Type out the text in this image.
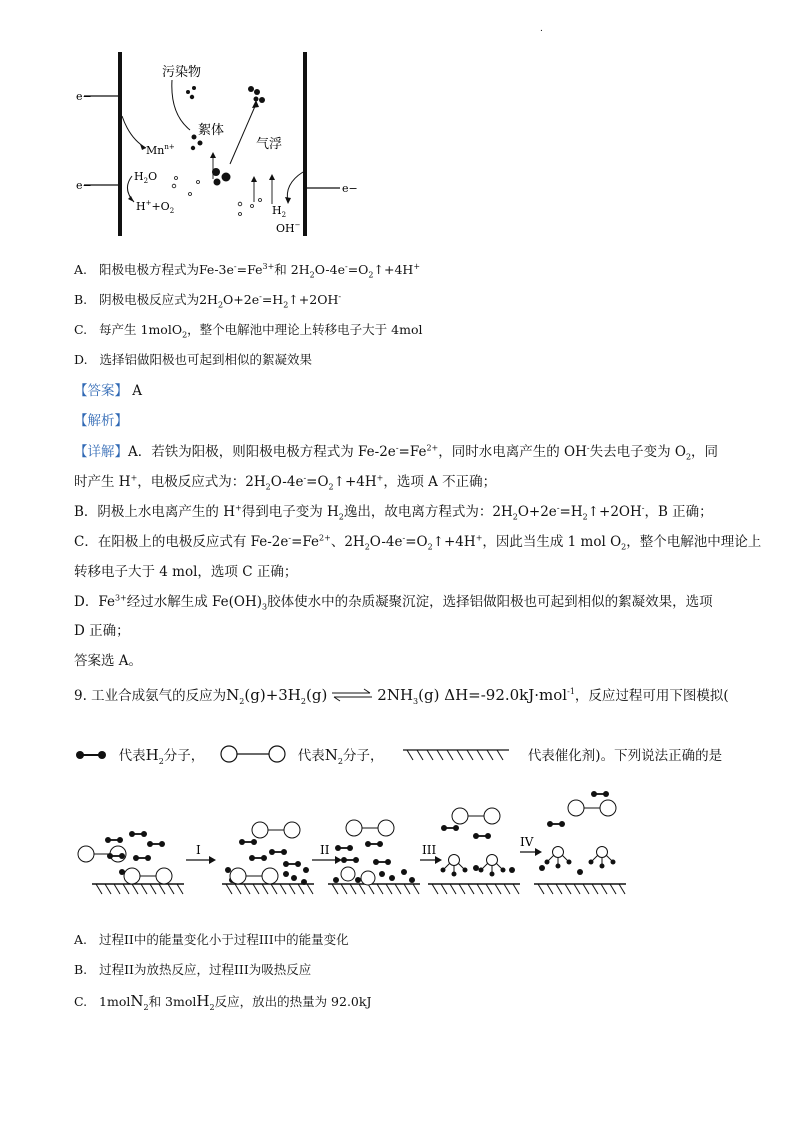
.
e−
e−	e−
$Mn^{n+}$
$H_2O$
$H^++O_2$
污染物
絮体
气浮
$H_2$
OH−
A. 阳极电极方程式为$Fe-3e^-=Fe^{3+}$和 $2H_2O-4e^-=O_2↑+4H^+$
B. 阴极电极反应式为$2H_2O+2e^-=H_2↑+2OH^-$
C. 每产生 1molO$_2$，整个电解池中理论上转移电子大于 4mol
D. 选择铝做阳极也可起到相似的絮凝效果
【答案】 A
【解析】
【详解】A．若铁为阳极，则阳极电极方程式为 $Fe-2e^-=Fe^{2+}$，同时水电离产生的 OH-失去电子变为 $O_2$，同
时产生 H+，电极反应式为：$2H_2O-4e^-=O_2↑+4H^+$，选项 A 不正确；
B．阴极上水电离产生的 H+得到电子变为 $H_2$逸出，故电离方程式为：$2H_2O+2e^-=H_2↑+2OH^-$，B 正确；
C．在阳极上的电极反应式有 $Fe-2e^-=Fe^{2+}$、$2H_2O-4e^-=O_2↑+4H^+$，因此当生成 1 mol $O_2$，整个电解池中理论上
转移电子大于 4 mol，选项 C 正确；
D．$Fe^{3+}$经过水解生成 $Fe(OH)_3$胶体使水中的杂质凝聚沉淀，选择铝做阳极也可起到相似的絮凝效果，选项
D 正确；
答案选 A。
9. 工业合成氨气的反应为$N_2(g)+3H_2(g)$ ⇌ $2NH_3(g)$ ΔH=-92.0kJ·mol$^{-1}$，反应过程可用下图模拟(
代表$H_2$分子，	代表$N_2$分子，	代表催化剂)。下列说法正确的是
I	II	III
IV
A. 过程II中的能量变化小于过程III中的能量变化
B. 过程II为放热反应，过程III为吸热反应
C. 1molN$_2$和 3molH$_2$反应，放出的热量为 92.0kJ
